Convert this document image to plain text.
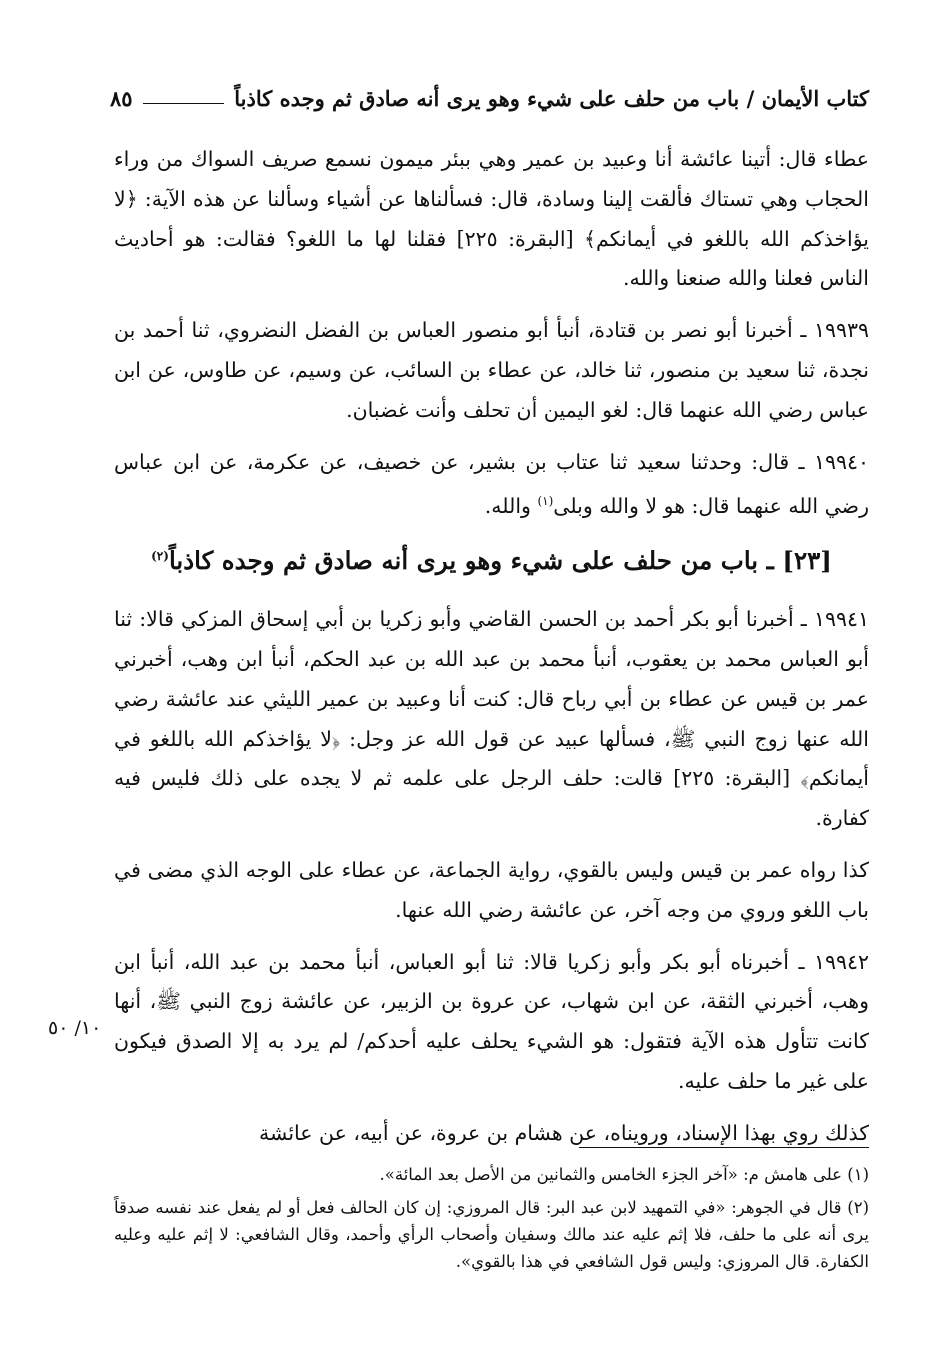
كتاب الأيمان / باب من حلف على شيء وهو يرى أنه صادق ثم وجده كاذباً
٨٥

عطاء قال: أتينا عائشة أنا وعبيد بن عمير وهي ببئر ميمون نسمع صريف السواك من وراء الحجاب وهي تستاك فألقت إلينا وسادة، قال: فسألناها عن أشياء وسألنا عن هذه الآية: ﴿لا يؤاخذكم الله باللغو في أيمانكم﴾ [البقرة: ٢٢٥] فقلنا لها ما اللغو؟ فقالت: هو أحاديث الناس فعلنا والله صنعنا والله.

١٩٩٣٩ ـ أخبرنا أبو نصر بن قتادة، أنبأ أبو منصور العباس بن الفضل النضروي، ثنا أحمد بن نجدة، ثنا سعيد بن منصور، ثنا خالد، عن عطاء بن السائب، عن وسيم، عن طاوس، عن ابن عباس رضي الله عنهما قال: لغو اليمين أن تحلف وأنت غضبان.

١٩٩٤٠ ـ قال: وحدثنا سعيد ثنا عتاب بن بشير، عن خصيف، عن عكرمة، عن ابن عباس رضي الله عنهما قال: هو لا والله وبلى$^{(١)}$ والله.

[٢٣] ـ باب من حلف على شيء وهو يرى أنه صادق ثم وجده كاذباً$^{(٢)}$

١٩٩٤١ ـ أخبرنا أبو بكر أحمد بن الحسن القاضي وأبو زكريا بن أبي إسحاق المزكي قالا: ثنا أبو العباس محمد بن يعقوب، أنبأ محمد بن عبد الله بن عبد الحكم، أنبأ ابن وهب، أخبرني عمر بن قيس عن عطاء بن أبي رباح قال: كنت أنا وعبيد بن عمير الليثي عند عائشة رضي الله عنها زوج النبي ﷺ، فسألها عبيد عن قول الله عز وجل: ﴿لا يؤاخذكم الله باللغو في أيمانكم﴾ [البقرة: ٢٢٥] قالت: حلف الرجل على علمه ثم لا يجده على ذلك فليس فيه كفارة.

كذا رواه عمر بن قيس وليس بالقوي، رواية الجماعة، عن عطاء على الوجه الذي مضى في باب اللغو وروي من وجه آخر، عن عائشة رضي الله عنها.

١٩٩٤٢ ـ أخبرناه أبو بكر وأبو زكريا قالا: ثنا أبو العباس، أنبأ محمد بن عبد الله، أنبأ ابن وهب، أخبرني الثقة، عن ابن شهاب، عن عروة بن الزبير، عن عائشة زوج النبي ﷺ، أنها كانت تتأول هذه الآية فتقول: هو الشيء يحلف عليه أحدكم/ لم يرد به إلا الصدق فيكون على غير ما حلف عليه.

كذلك روي بهذا الإسناد، ورويناه، عن هشام بن عروة، عن أبيه، عن عائشة

١٠/ ٥٠

(١) على هامش م: «آخر الجزء الخامس والثمانين من الأصل بعد المائة».

(٢) قال في الجوهر: «في التمهيد لابن عبد البر: قال المروزي: إن كان الحالف فعل أو لم يفعل عند نفسه صدقاً يرى أنه على ما حلف، فلا إثم عليه عند مالك وسفيان وأصحاب الرأي وأحمد، وقال الشافعي: لا إثم عليه وعليه الكفارة. قال المروزي: وليس قول الشافعي في هذا بالقوي».
